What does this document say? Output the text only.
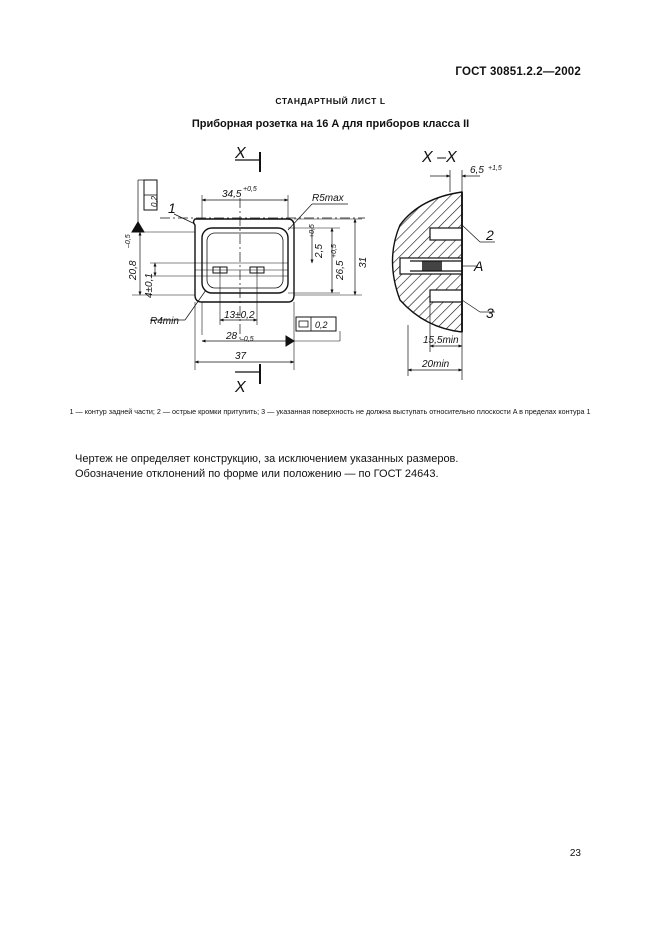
ГОСТ 30851.2.2—2002
СТАНДАРТНЫЙ ЛИСТ L
Приборная розетка на 16 А для приборов класса II
X
X
34,5 +0,5
R5max
1
0,2
R4min
13±0,2
28 –0,5
37
0,2
31
26,5
+0,5
2,5
+0,5
20,8
–0,5
4±0,1
X –X
6,5 +1,5
15,5min
20min
2
A
3
1 — контур задней части; 2 — острые кромки притупить; 3 — указанная поверхность не должна выступать относительно плоскости A в пределах контура 1

Чертеж не определяет конструкцию, за исключением указанных размеров.

Обозначение отклонений по форме или положению — по ГОСТ 24643.

23
